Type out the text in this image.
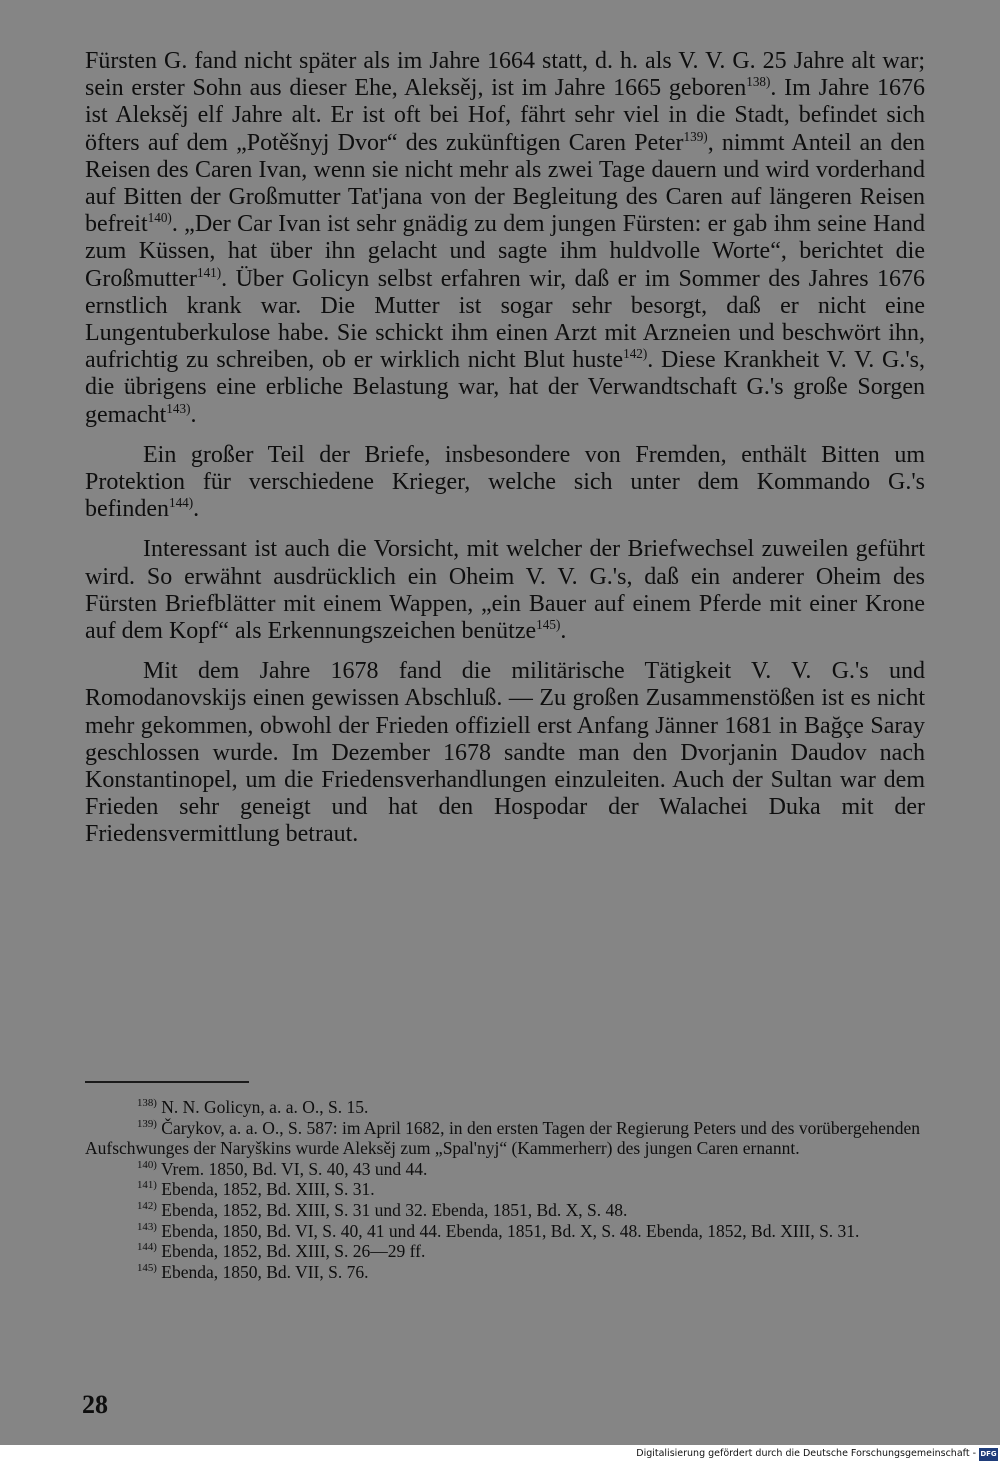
Fürsten G. fand nicht später als im Jahre 1664 statt, d. h. als V. V. G. 25 Jahre alt war; sein erster Sohn aus dieser Ehe, Aleksěj, ist im Jahre 1665 geboren$^{138)}$. Im Jahre 1676 ist Aleksěj elf Jahre alt. Er ist oft bei Hof, fährt sehr viel in die Stadt, befindet sich öfters auf dem „Potěšnyj Dvor“ des zukünftigen Caren Peter$^{139)}$, nimmt Anteil an den Reisen des Caren Ivan, wenn sie nicht mehr als zwei Tage dauern und wird vorderhand auf Bitten der Großmutter Tat'jana von der Begleitung des Caren auf längeren Reisen befreit$^{140)}$. „Der Car Ivan ist sehr gnädig zu dem jungen Fürsten: er gab ihm seine Hand zum Küssen, hat über ihn gelacht und sagte ihm huldvolle Worte“, berichtet die Großmutter$^{141)}$. Über Golicyn selbst erfahren wir, daß er im Sommer des Jahres 1676 ernstlich krank war. Die Mutter ist sogar sehr besorgt, daß er nicht eine Lungentuberkulose habe. Sie schickt ihm einen Arzt mit Arzneien und beschwört ihn, aufrichtig zu schreiben, ob er wirklich nicht Blut huste$^{142)}$. Diese Krankheit V. V. G.'s, die übrigens eine erbliche Belastung war, hat der Verwandtschaft G.'s große Sorgen gemacht$^{143)}$.

Ein großer Teil der Briefe, insbesondere von Fremden, enthält Bitten um Protektion für verschiedene Krieger, welche sich unter dem Kommando G.'s befinden$^{144)}$.

Interessant ist auch die Vorsicht, mit welcher der Briefwechsel zuweilen geführt wird. So erwähnt ausdrücklich ein Oheim V. V. G.'s, daß ein anderer Oheim des Fürsten Briefblätter mit einem Wappen, „ein Bauer auf einem Pferde mit einer Krone auf dem Kopf“ als Erkennungszeichen benütze$^{145)}$.

Mit dem Jahre 1678 fand die militärische Tätigkeit V. V. G.'s und Romodanovskijs einen gewissen Abschluß. — Zu großen Zusammenstößen ist es nicht mehr gekommen, obwohl der Frieden offiziell erst Anfang Jänner 1681 in Bağçe Saray geschlossen wurde. Im Dezember 1678 sandte man den Dvorjanin Daudov nach Konstantinopel, um die Friedensverhandlungen einzuleiten. Auch der Sultan war dem Frieden sehr geneigt und hat den Hospodar der Walachei Duka mit der Friedensvermittlung betraut.

$^{138)}$ N. N. Golicyn, a. a. O., S. 15.

$^{139)}$ Čarykov, a. a. O., S. 587: im April 1682, in den ersten Tagen der Regierung Peters und des vorübergehenden Aufschwunges der Naryškins wurde Aleksěj zum „Spal'nyj“ (Kammerherr) des jungen Caren ernannt.

$^{140)}$ Vrem. 1850, Bd. VI, S. 40, 43 und 44.

$^{141)}$ Ebenda, 1852, Bd. XIII, S. 31.

$^{142)}$ Ebenda, 1852, Bd. XIII, S. 31 und 32. Ebenda, 1851, Bd. X, S. 48.

$^{143)}$ Ebenda, 1850, Bd. VI, S. 40, 41 und 44. Ebenda, 1851, Bd. X, S. 48. Ebenda, 1852, Bd. XIII, S. 31.

$^{144)}$ Ebenda, 1852, Bd. XIII, S. 26—29 ff.

$^{145)}$ Ebenda, 1850, Bd. VII, S. 76.

28
Digitalisierung gefördert durch die Deutsche Forschungsgemeinschaft - DFG
